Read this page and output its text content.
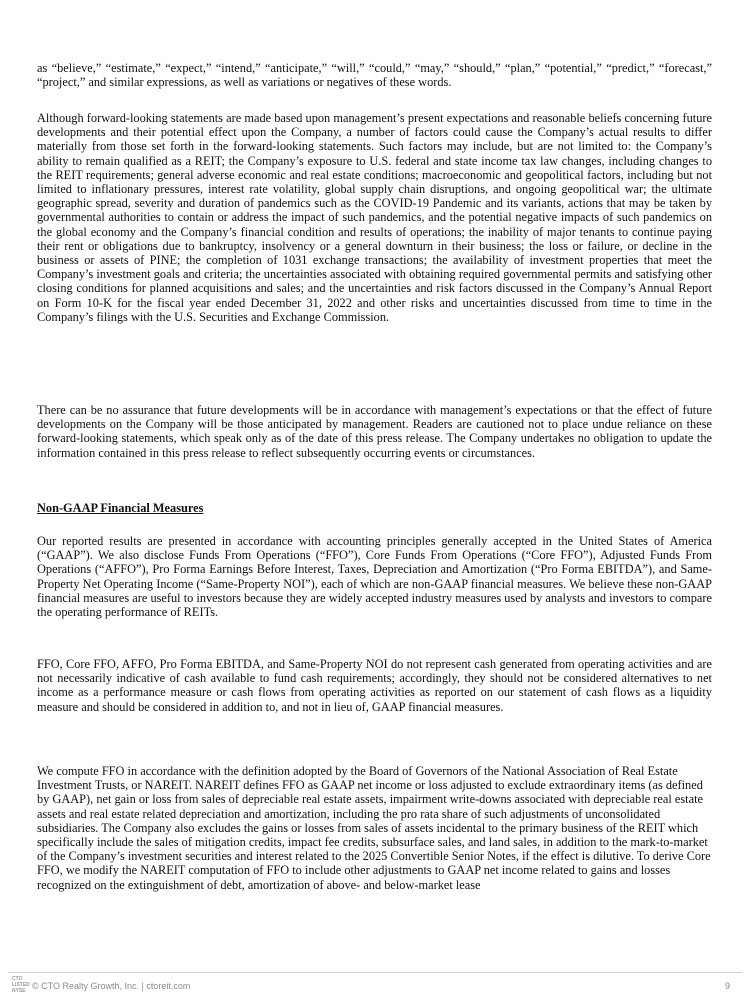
as “believe,” “estimate,” “expect,” “intend,” “anticipate,” “will,” “could,” “may,” “should,” “plan,” “potential,” “predict,” “forecast,” “project,” and similar expressions, as well as variations or negatives of these words.

Although forward-looking statements are made based upon management’s present expectations and reasonable beliefs concerning future developments and their potential effect upon the Company, a number of factors could cause the Company’s actual results to differ materially from those set forth in the forward-looking statements. Such factors may include, but are not limited to: the Company’s ability to remain qualified as a REIT; the Company’s exposure to U.S. federal and state income tax law changes, including changes to the REIT requirements; general adverse economic and real estate conditions; macroeconomic and geopolitical factors, including but not limited to inflationary pressures, interest rate volatility, global supply chain disruptions, and ongoing geopolitical war; the ultimate geographic spread, severity and duration of pandemics such as the COVID-19 Pandemic and its variants, actions that may be taken by governmental authorities to contain or address the impact of such pandemics, and the potential negative impacts of such pandemics on the global economy and the Company’s financial condition and results of operations; the inability of major tenants to continue paying their rent or obligations due to bankruptcy, insolvency or a general downturn in their business; the loss or failure, or decline in the business or assets of PINE; the completion of 1031 exchange transactions; the availability of investment properties that meet the Company’s investment goals and criteria; the uncertainties associated with obtaining required governmental permits and satisfying other closing conditions for planned acquisitions and sales; and the uncertainties and risk factors discussed in the Company’s Annual Report on Form 10-K for the fiscal year ended December 31, 2022 and other risks and uncertainties discussed from time to time in the Company’s filings with the U.S. Securities and Exchange Commission.

There can be no assurance that future developments will be in accordance with management’s expectations or that the effect of future developments on the Company will be those anticipated by management. Readers are cautioned not to place undue reliance on these forward-looking statements, which speak only as of the date of this press release. The Company undertakes no obligation to update the information contained in this press release to reflect subsequently occurring events or circumstances.

Non-GAAP Financial Measures

Our reported results are presented in accordance with accounting principles generally accepted in the United States of America (“GAAP”). We also disclose Funds From Operations (“FFO”), Core Funds From Operations (“Core FFO”), Adjusted Funds From Operations (“AFFO”), Pro Forma Earnings Before Interest, Taxes, Depreciation and Amortization (“Pro Forma EBITDA”), and Same-Property Net Operating Income (“Same-Property NOI”), each of which are non-GAAP financial measures. We believe these non-GAAP financial measures are useful to investors because they are widely accepted industry measures used by analysts and investors to compare the operating performance of REITs.

FFO, Core FFO, AFFO, Pro Forma EBITDA, and Same-Property NOI do not represent cash generated from operating activities and are not necessarily indicative of cash available to fund cash requirements; accordingly, they should not be considered alternatives to net income as a performance measure or cash flows from operating activities as reported on our statement of cash flows as a liquidity measure and should be considered in addition to, and not in lieu of, GAAP financial measures.

We compute FFO in accordance with the definition adopted by the Board of Governors of the National Association of Real Estate Investment Trusts, or NAREIT. NAREIT defines FFO as GAAP net income or loss adjusted to exclude extraordinary items (as defined by GAAP), net gain or loss from sales of depreciable real estate assets, impairment write-downs associated with depreciable real estate assets and real estate related depreciation and amortization, including the pro rata share of such adjustments of unconsolidated subsidiaries. The Company also excludes the gains or losses from sales of assets incidental to the primary business of the REIT which specifically include the sales of mitigation credits, impact fee credits, subsurface sales, and land sales, in addition to the mark-to-market of the Company’s investment securities and interest related to the 2025 Convertible Senior Notes, if the effect is dilutive. To derive Core FFO, we modify the NAREIT computation of FFO to include other adjustments to GAAP net income related to gains and losses recognized on the extinguishment of debt, amortization of above- and below-market lease

CTO
LISTED
NYSE © CTO Realty Growth, Inc. | ctoreit.com	9
